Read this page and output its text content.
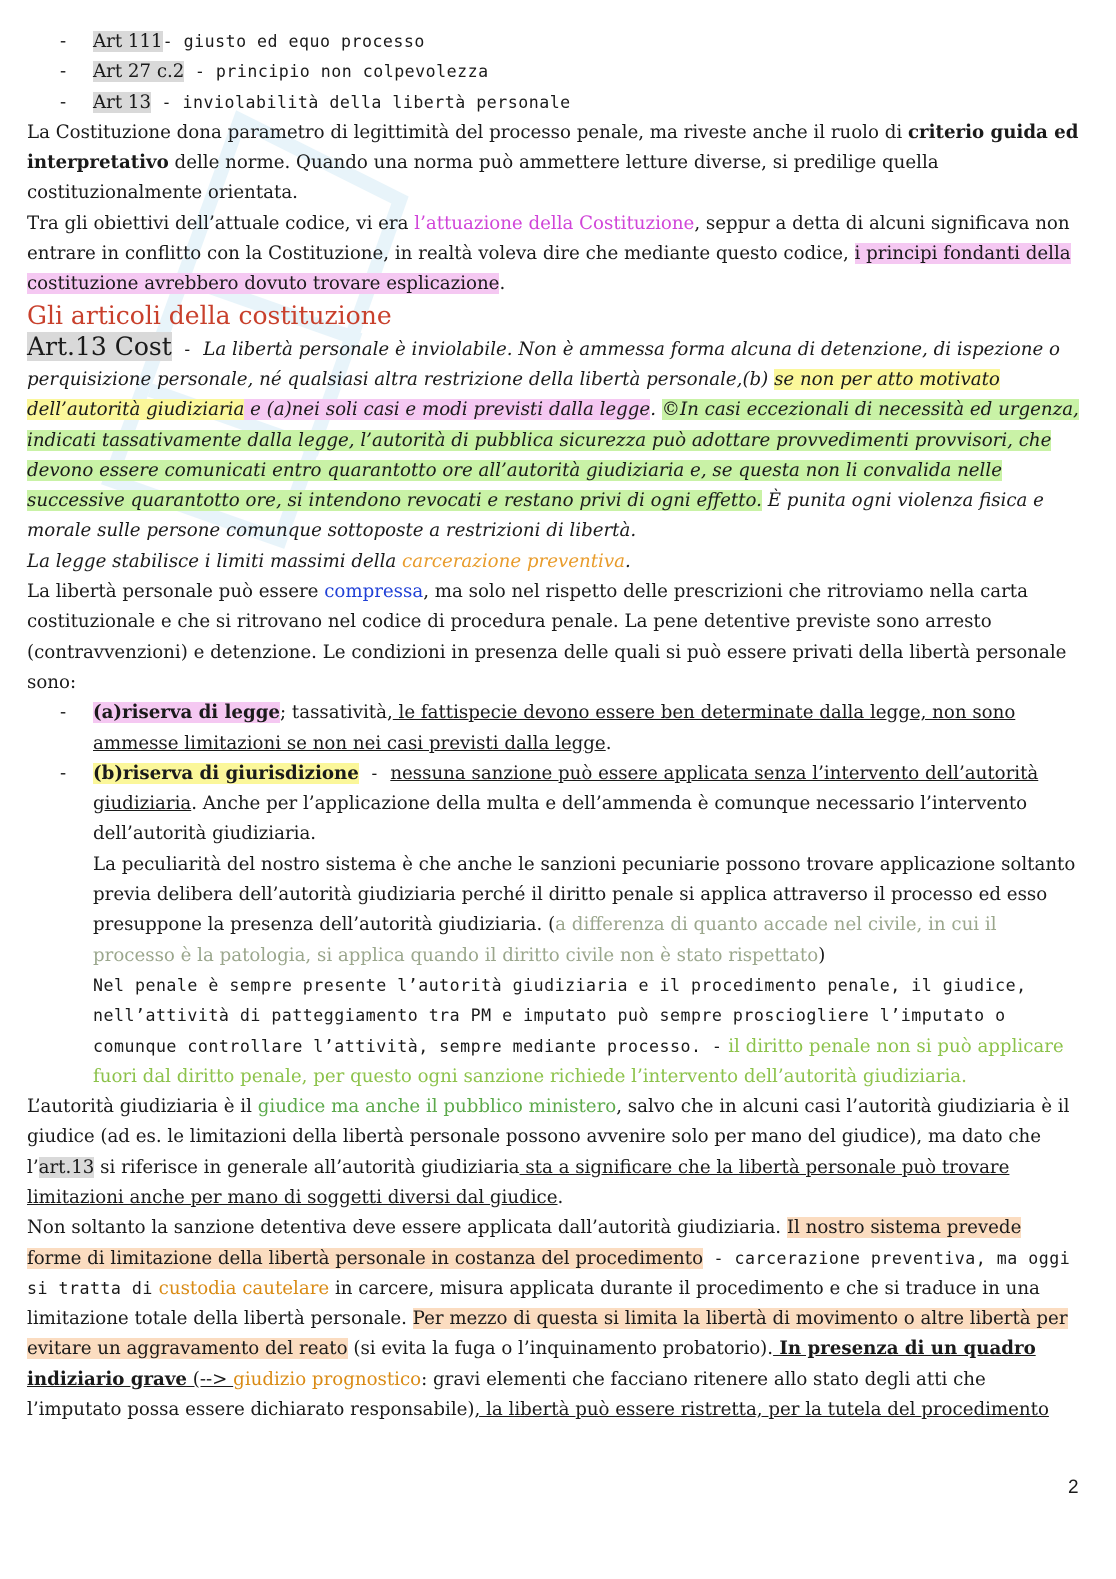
- Art 111- giusto ed equo processo
- Art 27 c.2 - principio non colpevolezza
- Art 13 - inviolabilità della libertà personale

La Costituzione dona parametro di legittimità del processo penale, ma riveste anche il ruolo di criterio guida ed interpretativo delle norme. Quando una norma può ammettere letture diverse, si predilige quella costituzionalmente orientata.

Tra gli obiettivi dell’attuale codice, vi era l’attuazione della Costituzione, seppur a detta di alcuni significava non entrare in conflitto con la Costituzione, in realtà voleva dire che mediante questo codice, i principi fondanti della costituzione avrebbero dovuto trovare esplicazione.

Gli articoli della costituzione

Art.13 Cost - La libertà personale è inviolabile. Non è ammessa forma alcuna di detenzione, di ispezione o perquisizione personale, né qualsiasi altra restrizione della libertà personale,(b) se non per atto motivato dell’autorità giudiziaria e (a)nei soli casi e modi previsti dalla legge. ©In casi eccezionali di necessità ed urgenza, indicati tassativamente dalla legge, l’autorità di pubblica sicurezza può adottare provvedimenti provvisori, che devono essere comunicati entro quarantotto ore all’autorità giudiziaria e, se questa non li convalida nelle successive quarantotto ore, si intendono revocati e restano privi di ogni effetto. È punita ogni violenza fisica e morale sulle persone comunque sottoposte a restrizioni di libertà.

La legge stabilisce i limiti massimi della carcerazione preventiva.

La libertà personale può essere compressa, ma solo nel rispetto delle prescrizioni che ritroviamo nella carta costituzionale e che si ritrovano nel codice di procedura penale. La pene detentive previste sono arresto (contravvenzioni) e detenzione. Le condizioni in presenza delle quali si può essere privati della libertà personale sono:

- (a)riserva di legge; tassatività, le fattispecie devono essere ben determinate dalla legge, non sono ammesse limitazioni se non nei casi previsti dalla legge.
- (b)riserva di giurisdizione - nessuna sanzione può essere applicata senza l’intervento dell’autorità giudiziaria. Anche per l’applicazione della multa e dell’ammenda è comunque necessario l’intervento dell’autorità giudiziaria.
La peculiarità del nostro sistema è che anche le sanzioni pecuniarie possono trovare applicazione soltanto previa delibera dell’autorità giudiziaria perché il diritto penale si applica attraverso il processo ed esso presuppone la presenza dell’autorità giudiziaria. (a differenza di quanto accade nel civile, in cui il processo è la patologia, si applica quando il diritto civile non è stato rispettato)
Nel penale è sempre presente l’autorità giudiziaria e il procedimento penale, il giudice, nell’attività di patteggiamento tra PM e imputato può sempre prosciogliere l’imputato o comunque controllare l’attività, sempre mediante processo. - il diritto penale non si può applicare fuori dal diritto penale, per questo ogni sanzione richiede l’intervento dell’autorità giudiziaria.

L’autorità giudiziaria è il giudice ma anche il pubblico ministero, salvo che in alcuni casi l’autorità giudiziaria è il giudice (ad es. le limitazioni della libertà personale possono avvenire solo per mano del giudice), ma dato che l’art.13 si riferisce in generale all’autorità giudiziaria sta a significare che la libertà personale può trovare limitazioni anche per mano di soggetti diversi dal giudice.

Non soltanto la sanzione detentiva deve essere applicata dall’autorità giudiziaria. Il nostro sistema prevede forme di limitazione della libertà personale in costanza del procedimento - carcerazione preventiva, ma oggi si tratta di custodia cautelare in carcere, misura applicata durante il procedimento e che si traduce in una limitazione totale della libertà personale. Per mezzo di questa si limita la libertà di movimento o altre libertà per evitare un aggravamento del reato (si evita la fuga o l’inquinamento probatorio). In presenza di un quadro indiziario grave (--> giudizio prognostico: gravi elementi che facciano ritenere allo stato degli atti che l’imputato possa essere dichiarato responsabile), la libertà può essere ristretta, per la tutela del procedimento

2
